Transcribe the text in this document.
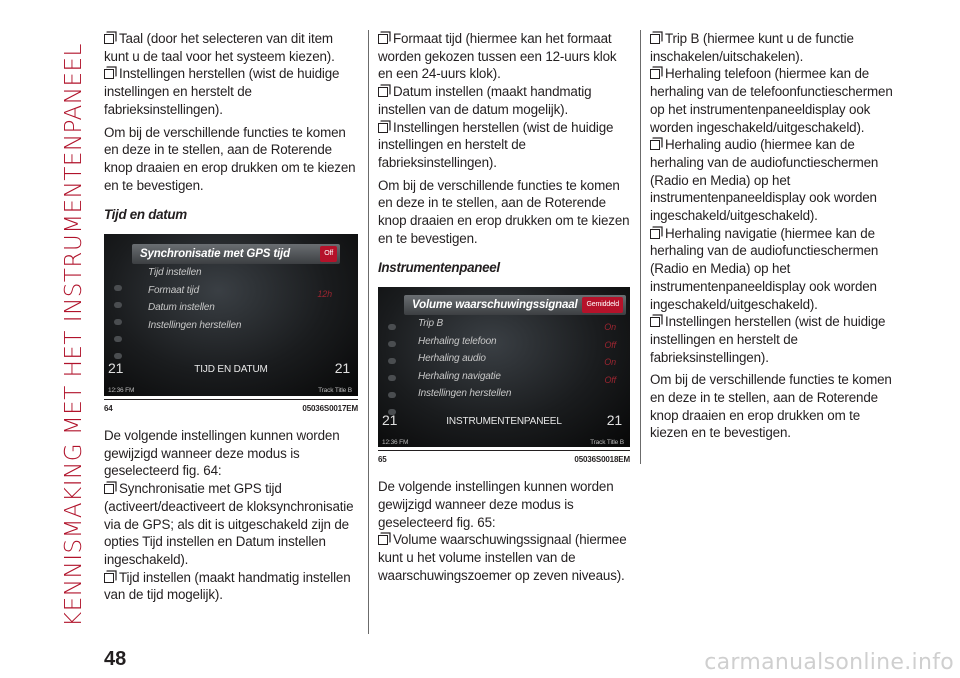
KENNISMAKING MET HET INSTRUMENTENPANEEL

Taal (door het selecteren van dit item kunt u de taal voor het systeem kiezen).

Instellingen herstellen (wist de huidige instellingen en herstelt de fabrieksinstellingen).

Om bij de verschillende functies te komen en deze in te stellen, aan de Roterende knop draaien en erop drukken om te kiezen en te bevestigen.

Tijd en datum

Synchronisatie met GPS tijd	Off
Tijd instellen
Formaat tijd
Datum instellen
Instellingen herstellen
12h
21	21
TIJD EN DATUM
12:36 FM	Track Title B
64	05036S0017EM

De volgende instellingen kunnen worden gewijzigd wanneer deze modus is geselecteerd fig. 64:

Synchronisatie met GPS tijd (activeert/deactiveert de kloksynchronisatie via de GPS; als dit is uitgeschakeld zijn de opties Tijd instellen en Datum instellen ingeschakeld).

Tijd instellen (maakt handmatig instellen van de tijd mogelijk).

Formaat tijd (hiermee kan het formaat worden gekozen tussen een 12-uurs klok en een 24-uurs klok).

Datum instellen (maakt handmatig instellen van de datum mogelijk).

Instellingen herstellen (wist de huidige instellingen en herstelt de fabrieksinstellingen).

Om bij de verschillende functies te komen en deze in te stellen, aan de Roterende knop draaien en erop drukken om te kiezen en te bevestigen.

Instrumentenpaneel

Volume waarschuwingssignaal	Gemiddeld
Trip B
Herhaling telefoon
Herhaling audio
Herhaling navigatie
Instellingen herstellen
On
Off
On
Off
21	21
INSTRUMENTENPANEEL
12:36 FM	Track Title B
65	05036S0018EM

De volgende instellingen kunnen worden gewijzigd wanneer deze modus is geselecteerd fig. 65:

Volume waarschuwingssignaal (hiermee kunt u het volume instellen van de waarschuwingszoemer op zeven niveaus).

Trip B (hiermee kunt u de functie inschakelen/uitschakelen).

Herhaling telefoon (hiermee kan de herhaling van de telefoonfunctieschermen op het instrumentenpaneeldisplay ook worden ingeschakeld/uitgeschakeld).

Herhaling audio (hiermee kan de herhaling van de audiofunctieschermen (Radio en Media) op het instrumentenpaneeldisplay ook worden ingeschakeld/uitgeschakeld).

Herhaling navigatie (hiermee kan de herhaling van de audiofunctieschermen (Radio en Media) op het instrumentenpaneeldisplay ook worden ingeschakeld/uitgeschakeld).

Instellingen herstellen (wist de huidige instellingen en herstelt de fabrieksinstellingen).

Om bij de verschillende functies te komen en deze in te stellen, aan de Roterende knop draaien en erop drukken om te kiezen en te bevestigen.

48	carmanualsonline.info
